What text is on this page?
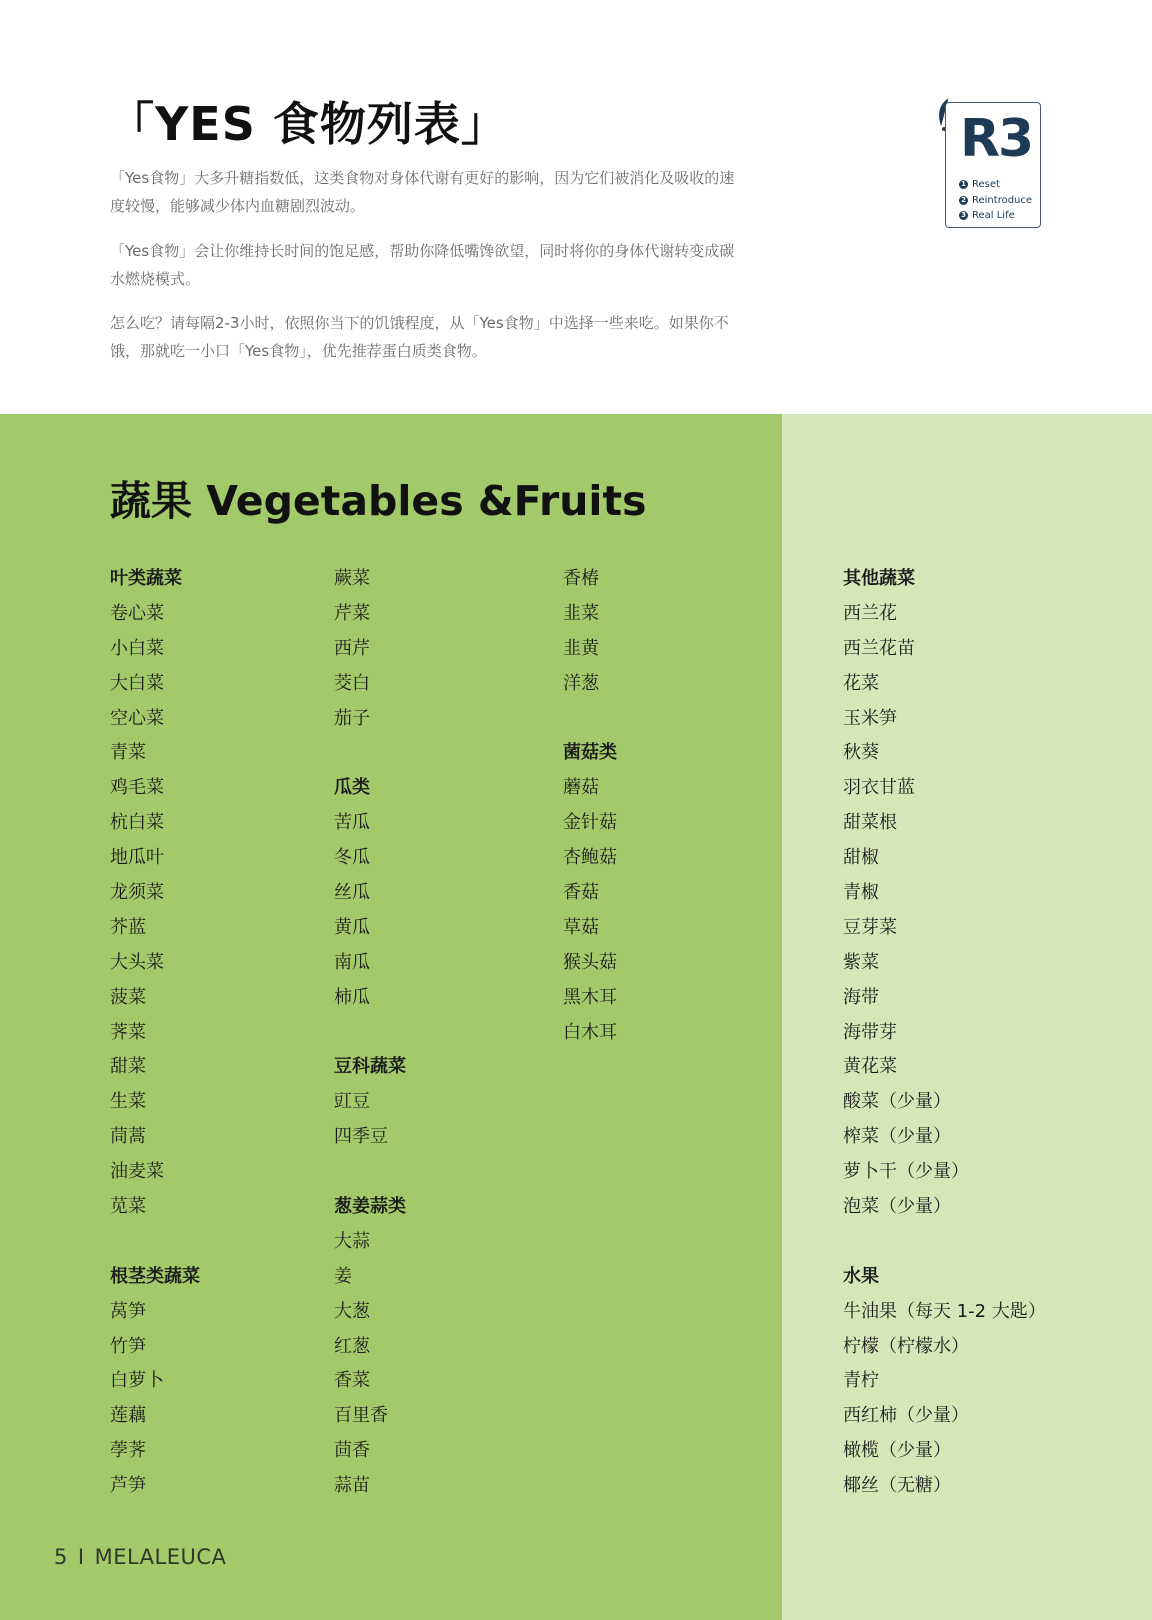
「YES 食物列表」
「Yes食物」大多升糖指数低，这类食物对身体代谢有更好的影响，因为它们被消化及吸收的速度较慢，能够减少体内血糖剧烈波动。
「Yes食物」会让你维持长时间的饱足感，帮助你降低嘴馋欲望，同时将你的身体代谢转变成碳水燃烧模式。
怎么吃？请每隔2-3小时，依照你当下的饥饿程度，从「Yes食物」中选择一些来吃。如果你不饿，那就吃一小口「Yes食物」，优先推荐蛋白质类食物。
R3
1 Reset
2 Reintroduce
3 Real Life
蔬果 Vegetables &Fruits
叶类蔬菜
卷心菜
小白菜
大白菜
空心菜
青菜
鸡毛菜
杭白菜
地瓜叶
龙须菜
芥蓝
大头菜
菠菜
荠菜
甜菜
生菜
茼蒿
油麦菜
苋菜
根茎类蔬菜
莴笋
竹笋
白萝卜
莲藕
荸荠
芦笋
蕨菜
芹菜
西芹
茭白
茄子
瓜类
苦瓜
冬瓜
丝瓜
黄瓜
南瓜
柿瓜
豆科蔬菜
豇豆
四季豆
葱姜蒜类
大蒜
姜
大葱
红葱
香菜
百里香
茴香
蒜苗
香椿
韭菜
韭黄
洋葱
菌菇类
蘑菇
金针菇
杏鲍菇
香菇
草菇
猴头菇
黑木耳
白木耳
其他蔬菜
西兰花
西兰花苗
花菜
玉米笋
秋葵
羽衣甘蓝
甜菜根
甜椒
青椒
豆芽菜
紫菜
海带
海带芽
黄花菜
酸菜（少量）
榨菜（少量）
萝卜干（少量）
泡菜（少量）
水果
牛油果（每天 1-2 大匙）
柠檬（柠檬水）
青柠
西红柿（少量）
橄榄（少量）
椰丝（无糖）
5 I MELALEUCA
